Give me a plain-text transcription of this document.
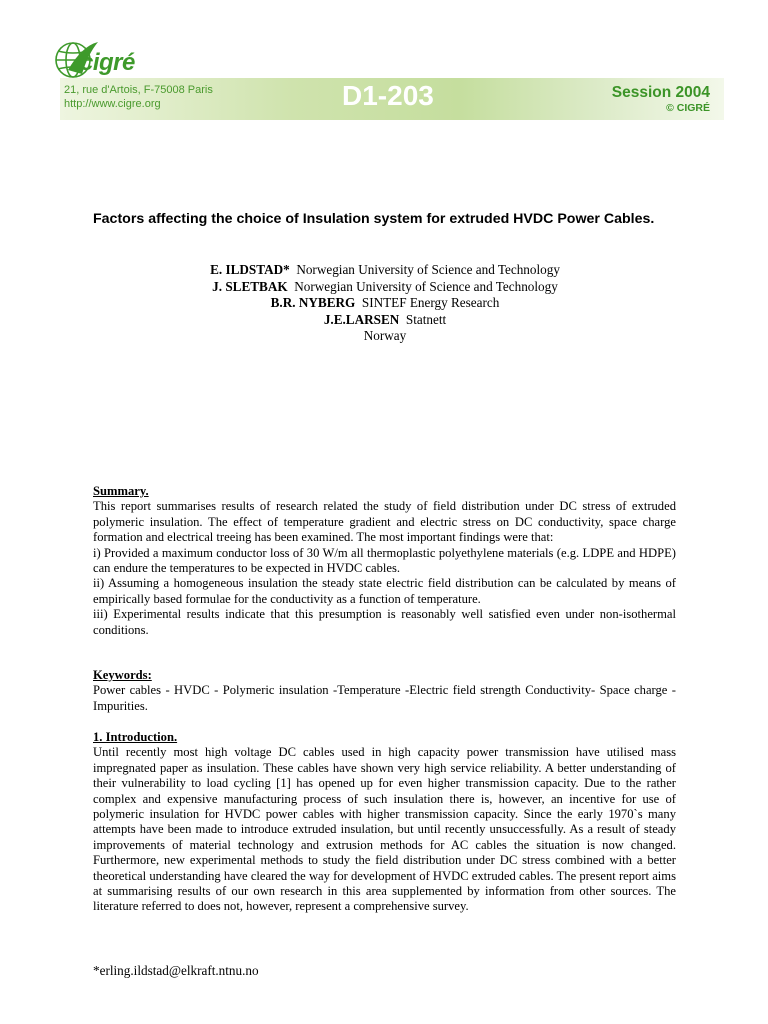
cigré
21, rue d'Artois, F-75008 Paris
http://www.cigre.org	D1-203	Session 2004
© CIGRÉ
Factors affecting the choice of Insulation system for extruded HVDC Power Cables.
E. ILDSTAD* Norwegian University of Science and Technology
J. SLETBAK Norwegian University of Science and Technology
B.R. NYBERG SINTEF Energy Research
J.E.LARSEN Statnett
Norway

Summary.

This report summarises results of research related the study of field distribution under DC stress of extruded polymeric insulation. The effect of temperature gradient and electric stress on DC conductivity, space charge formation and electrical treeing has been examined. The most important findings were that:

i) Provided a maximum conductor loss of 30 W/m all thermoplastic polyethylene materials (e.g. LDPE and HDPE) can endure the temperatures to be expected in HVDC cables.

ii) Assuming a homogeneous insulation the steady state electric field distribution can be calculated by means of empirically based formulae for the conductivity as a function of temperature.

iii) Experimental results indicate that this presumption is reasonably well satisfied even under non-isothermal conditions.

Keywords:

Power cables - HVDC - Polymeric insulation -Temperature -Electric field strength Conductivity- Space charge -Impurities.

1. Introduction.

Until recently most high voltage DC cables used in high capacity power transmission have utilised mass impregnated paper as insulation. These cables have shown very high service reliability. A better understanding of their vulnerability to load cycling [1] has opened up for even higher transmission capacity. Due to the rather complex and expensive manufacturing process of such insulation there is, however, an incentive for use of polymeric insulation for HVDC power cables with higher transmission capacity. Since the early 1970`s many attempts have been made to introduce extruded insulation, but until recently unsuccessfully. As a result of steady improvements of material technology and extrusion methods for AC cables the situation is now changed. Furthermore, new experimental methods to study the field distribution under DC stress combined with a better theoretical understanding have cleared the way for development of HVDC extruded cables. The present report aims at summarising results of our own research in this area supplemented by information from other sources. The literature referred to does not, however, represent a comprehensive survey.

*erling.ildstad@elkraft.ntnu.no
